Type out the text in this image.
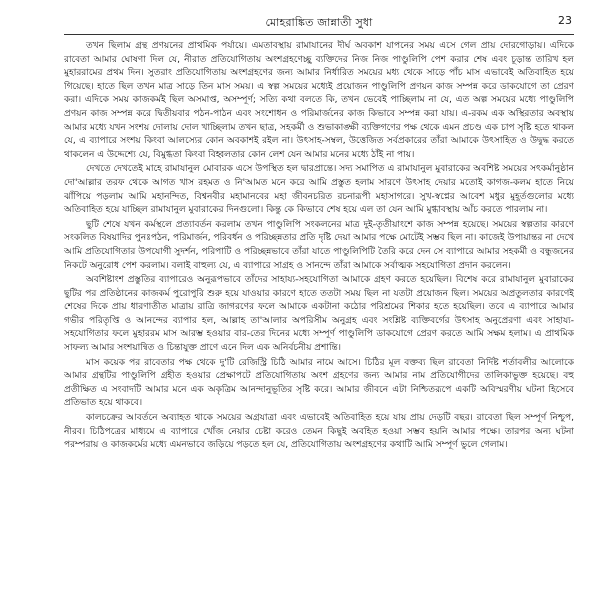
মোহরাঙ্কিত জান্নাতী সুধা	23

তখন ছিলাম গ্রন্থ প্রণয়নের প্রাথমিক পর্যায়ে। এমতাবস্থায় রামাযানের দীর্ঘ অবকাশ যাপনের সময় এসে গেল প্রায় দোরগোড়ায়। এদিকে রাবেতা আমার ঘোষণা দিল যে, নীরাত প্রতিযোগিতায় অংশগ্রহণেচ্ছু ব্যক্তিদের নিজ নিজ পাণ্ডুলিপি পেশ করার শেষ এবং চূড়ান্ত তারিখ হল মুহাররামের প্রথম দিন। সুতরাং প্রতিযোগিতায় অংশগ্রহণের জন্য আমার নির্ধারিত সময়ের মধ্য থেকে সাড়ে পাঁচ মাস এভাবেই অতিবাহিত হয়ে গিয়েছে। হাতে ছিল তখন মাত্র সাড়ে তিন মাস সময়। এ স্বল্প সময়ের মধ্যেই প্রয়োজন পাণ্ডুলিপি প্রণয়ন কাজ সম্পন্ন করে ডাকযোগে তা প্রেরণ করা। এদিকে সময় কাজকর্মই ছিল অসমাপ্ত, অসম্পূর্ণ; সত্যি কথা বলতে কি, তখন ভেবেই পাচ্ছিলাম না যে, এত অল্প সময়ের মধ্যে পাণ্ডুলিপি প্রণয়ন কাজ সম্পন্ন করে দ্বিতীয়বার পঠন-পাঠন এবং সংশোধন ও পরিমার্জনের কাজ কিভাবে সম্পন্ন করা যায়। এ-রকম এক অস্থিরতার অবস্থায় আমার মধ্যে যখন সংশয় দোলায় দোল খাচ্ছিলাম তখন ছাত্র, সহকর্মী ও শুভাকাঙ্ক্ষী ব্যক্তিগণের পক্ষ থেকে এমন প্রচণ্ড এক চাপ সৃষ্টি হতে থাকল যে, এ ব্যাপারে সংশয় কিংবা আলস্যের কোন অবকাশই রইল না। উৎসাহ-সম্বল, উত্তেজিত সর্বপ্রকারের তাঁরা আমাকে উৎসাহিত ও উদ্বুদ্ধ করতে থাকলেন এ উদ্দেশ্যে যে, বিমুগ্ধতা কিংবা বিহ্বলতার কোন লেশ যেন আমার মনের মধ্যে ঠাঁই না পায়।

দেখতে দেখতেই মাহে রামাযানুল মোবারক এসে উপস্থিত হল দ্বারপ্রান্তে। সদ্য সমাপিত এ রামাযানুল মুবারাকের অবশিষ্ট সময়ের সৎকর্মানুষ্ঠান দো'আল্লার তরফ থেকে আগত খাস রহমত ও নি'আমত মনে করে আমি প্রস্তুত হলাম সারণে উৎসাহ দেয়ার মতোই কাগজ-কলম হাতে নিয়ে ঝাঁপিয়ে পড়লাম আমি মহানন্দিত, বিশ্বনবীর মহামানবের মহা জীবনচরিত রচনারূপী মহাসাগরে। সুখ-স্বপ্নের আবেশ মধুর মুহূর্তগুলোর মধ্যে অতিবাহিত হয়ে যাচ্ছিল রামাযানুল মুবারাকের দিনগুলো। কিন্তু কে কিভাবে শেষ হয়ে এল তা যেন আমি মুগ্ধাবস্থায় আঁচ করতে পারলাম না।

ছুটি শেষে যখন কর্মস্থলে প্রত্যাবর্তন করলাম তখন পাণ্ডুলিপি সংকলনের মাত্র দুই-তৃতীয়াংশে কাজ সম্পন্ন হয়েছে। সময়ের স্বল্পতার কারণে সংকলিত বিষয়াদির পুনঃপঠন, পরিমার্জন, পরিবর্ধন ও পরিচ্ছন্নতার প্রতি দৃষ্টি দেয়া আমার পক্ষে মোটেই সম্ভব ছিল না। কাজেই উপায়ান্তর না দেখে আমি প্রতিযোগিতার উপযোগী সুদর্শন, পরিপাটি ও পরিচ্ছন্নভাবে তাঁরা যাতে পাণ্ডুলিপিটি তৈরি করে দেন সে ব্যাপারে আমার সহকর্মী ও বন্ধুজনের নিকটে অনুরোধ পেশ করলাম। বলাই বাহুল্য যে, এ ব্যাপারে সাগ্রহ ও সানন্দে তাঁরা আমাকে সর্বাত্মক সহযোগিতা প্রদান করলেন।

অবশিষ্টাংশ প্রস্তুতির ব্যাপারেও অনুরূপভাবে তাঁদের সাহায্য-সহযোগিতা আমাকে গ্রহণ করতে হয়েছিল। বিশেষ করে রামাযানুল মুবারাকের ছুটির পর প্রতিষ্ঠানের কাজকর্ম পুরোপুরি শুরু হয়ে যাওয়ার কারণে হাতে ততটা সময় ছিল না যতটা প্রয়োজন ছিল। সময়ের অপ্রতুলতার কারণেই শেষের দিকে প্রায় ধারণাতীত মাত্রায় রাত্রি জাগরণের ফলে আমাকে একটানা কঠোর পরিশ্রমের শিকার হতে হয়েছিল। তবে এ ব্যাপারে আমার গভীর পরিতৃপ্তি ও আনন্দের ব্যাপার হল, আল্লাহ তা'আলার অপরিসীম অনুগ্রহ এবং সংশ্লিষ্ট ব্যক্তিবর্গের উৎসাহ অনুপ্রেরণা এবং সাহায্য-সহযোগিতার ফলে মুহাররম মাস আরম্ভ হওয়ার বার-তের দিনের মধ্যে সম্পূর্ণ পাণ্ডুলিপি ডাকযোগে প্রেরণ করতে আমি সক্ষম হলাম। এ প্রাথমিক সাফল্য আমার সংশয়ান্বিত ও চিন্তাযুক্ত প্রাণে এনে দিল এক অনির্বচনীয় প্রশান্তি।

মাস কয়েক পর রাবেতার পক্ষ থেকে দু'টি রেজিস্ট্রি চিঠি আমার নামে আসে। চিঠির মূল বক্তব্য ছিল রাবেতা নির্দিষ্ট শর্তাবলীর আলোকে আমার গ্রন্থটির পাণ্ডুলিপি গ্রহীত হওয়ার প্রেক্ষাপটে প্রতিযোগিতায় অংশ গ্রহণের জন্য আমার নাম প্রতিযোগীদের তালিকাভুক্ত হয়েছে। বহু প্রতীক্ষিত এ সংবাদটি আমার মনে এক অকৃত্রিম আনন্দানুভূতির সৃষ্টি করে। আমার জীবনে এটা নিশ্চিতরূপে একটি অবিস্মরণীয় ঘটনা হিসেবে প্রতিভাত হয়ে থাকবে।

কালচক্রের আবর্তনে অব্যাহত থাকে সময়ের অগ্রযাত্রা এবং এভাবেই অতিবাহিত হয়ে যায় প্রায় দেড়টি বছর। রাবেতা ছিল সম্পূর্ণ নিশ্চুপ, নীরব। চিঠিপত্রের মাধ্যমে এ ব্যাপারে খোঁজ নেয়ার চেষ্টা করেও তেমন কিছুই অবহিত হওয়া সম্ভব হয়নি আমার পক্ষে। তারপর অন্য ঘটনা পরম্পরায় ও কাজকর্মের মধ্যে এমনভাবে জড়িয়ে পড়তে হল যে, প্রতিযোগিতায় অংশগ্রহণের কথাটি আমি সম্পূর্ণ ভুলে গেলাম।
